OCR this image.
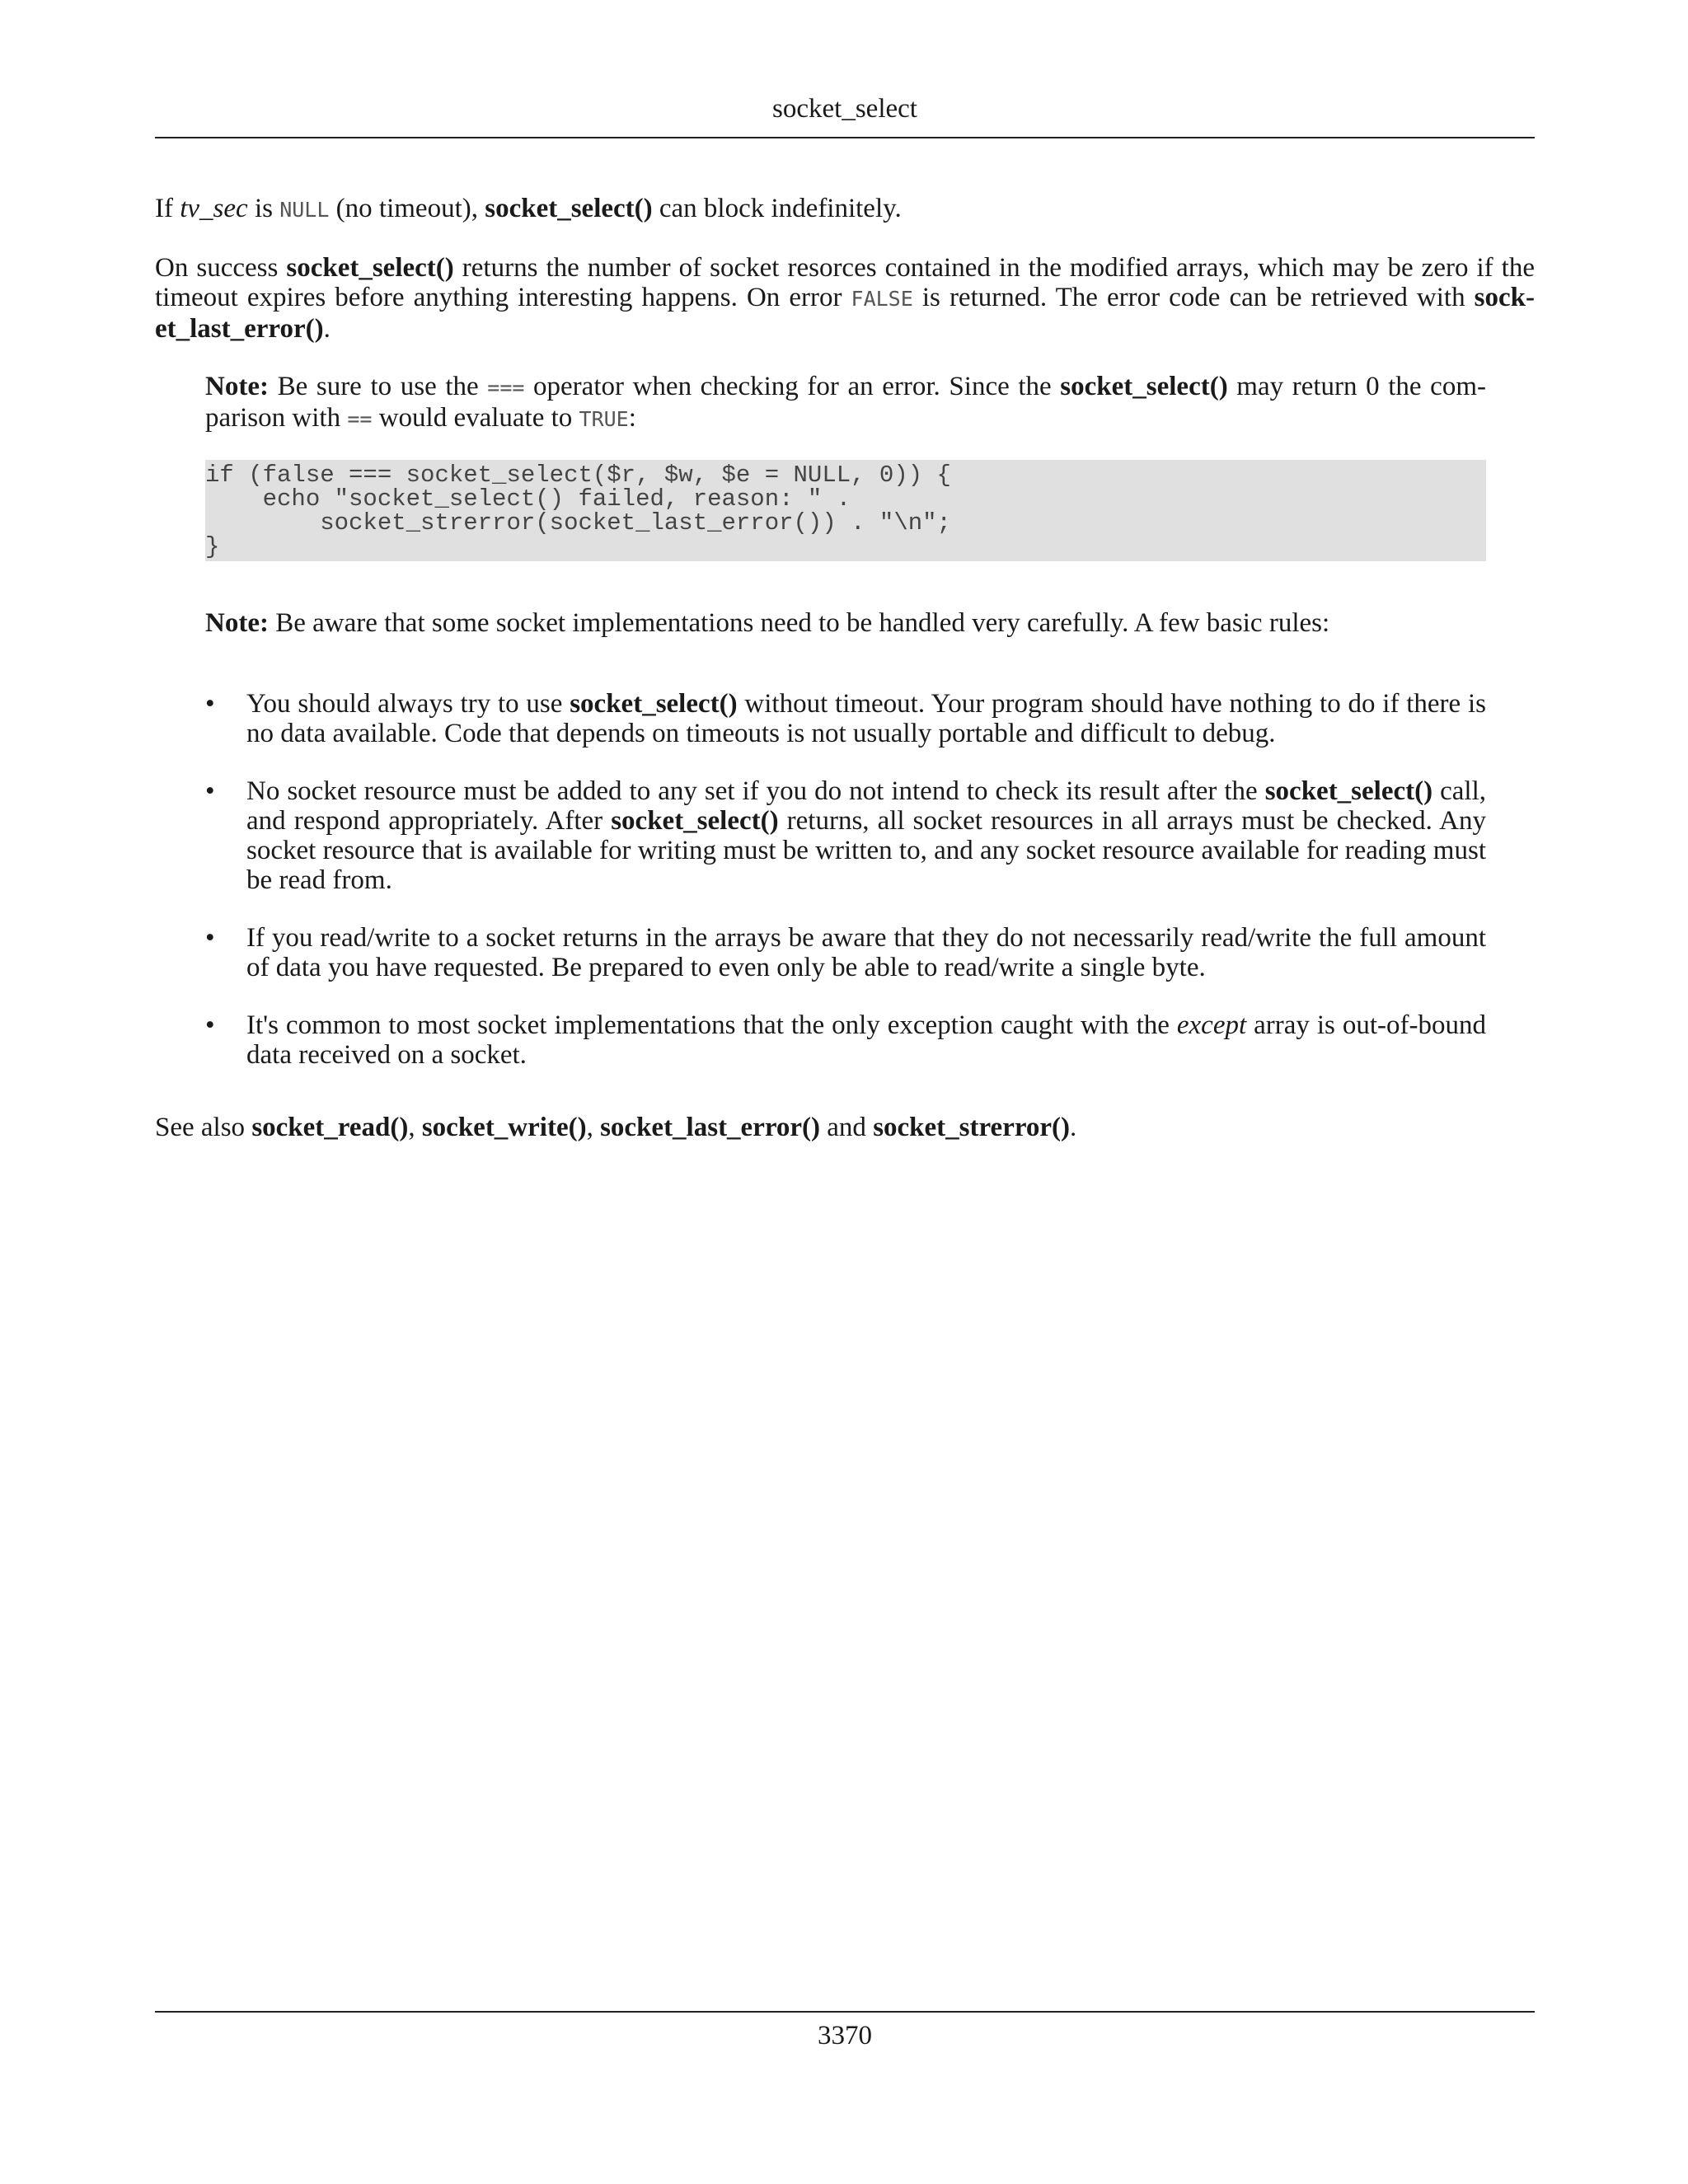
socket_select

If tv_sec is NULL (no timeout), socket_select() can block indefinitely.

On success socket_select() returns the number of socket resorces contained in the modified arrays, which may be zero if the timeout expires before anything interesting happens. On error FALSE is returned. The error code can be retrieved with sock-et_last_error().

Note: Be sure to use the === operator when checking for an error. Since the socket_select() may return 0 the com-parison with == would evaluate to TRUE:

if (false === socket_select($r, $w, $e = NULL, 0)) {
echo "socket_select() failed, reason: " .
socket_strerror(socket_last_error()) . "\n";
}

Note: Be aware that some socket implementations need to be handled very carefully. A few basic rules:

• You should always try to use socket_select() without timeout. Your program should have nothing to do if there is no data available. Code that depends on timeouts is not usually portable and difficult to debug.
• No socket resource must be added to any set if you do not intend to check its result after the socket_select() call, and respond appropriately. After socket_select() returns, all socket resources in all arrays must be checked. Any socket resource that is available for writing must be written to, and any socket resource available for reading must be read from.
• If you read/write to a socket returns in the arrays be aware that they do not necessarily read/write the full amount of data you have requested. Be prepared to even only be able to read/write a single byte.
• It's common to most socket implementations that the only exception caught with the except array is out-of-bound data received on a socket.

See also socket_read(), socket_write(), socket_last_error() and socket_strerror().

3370
